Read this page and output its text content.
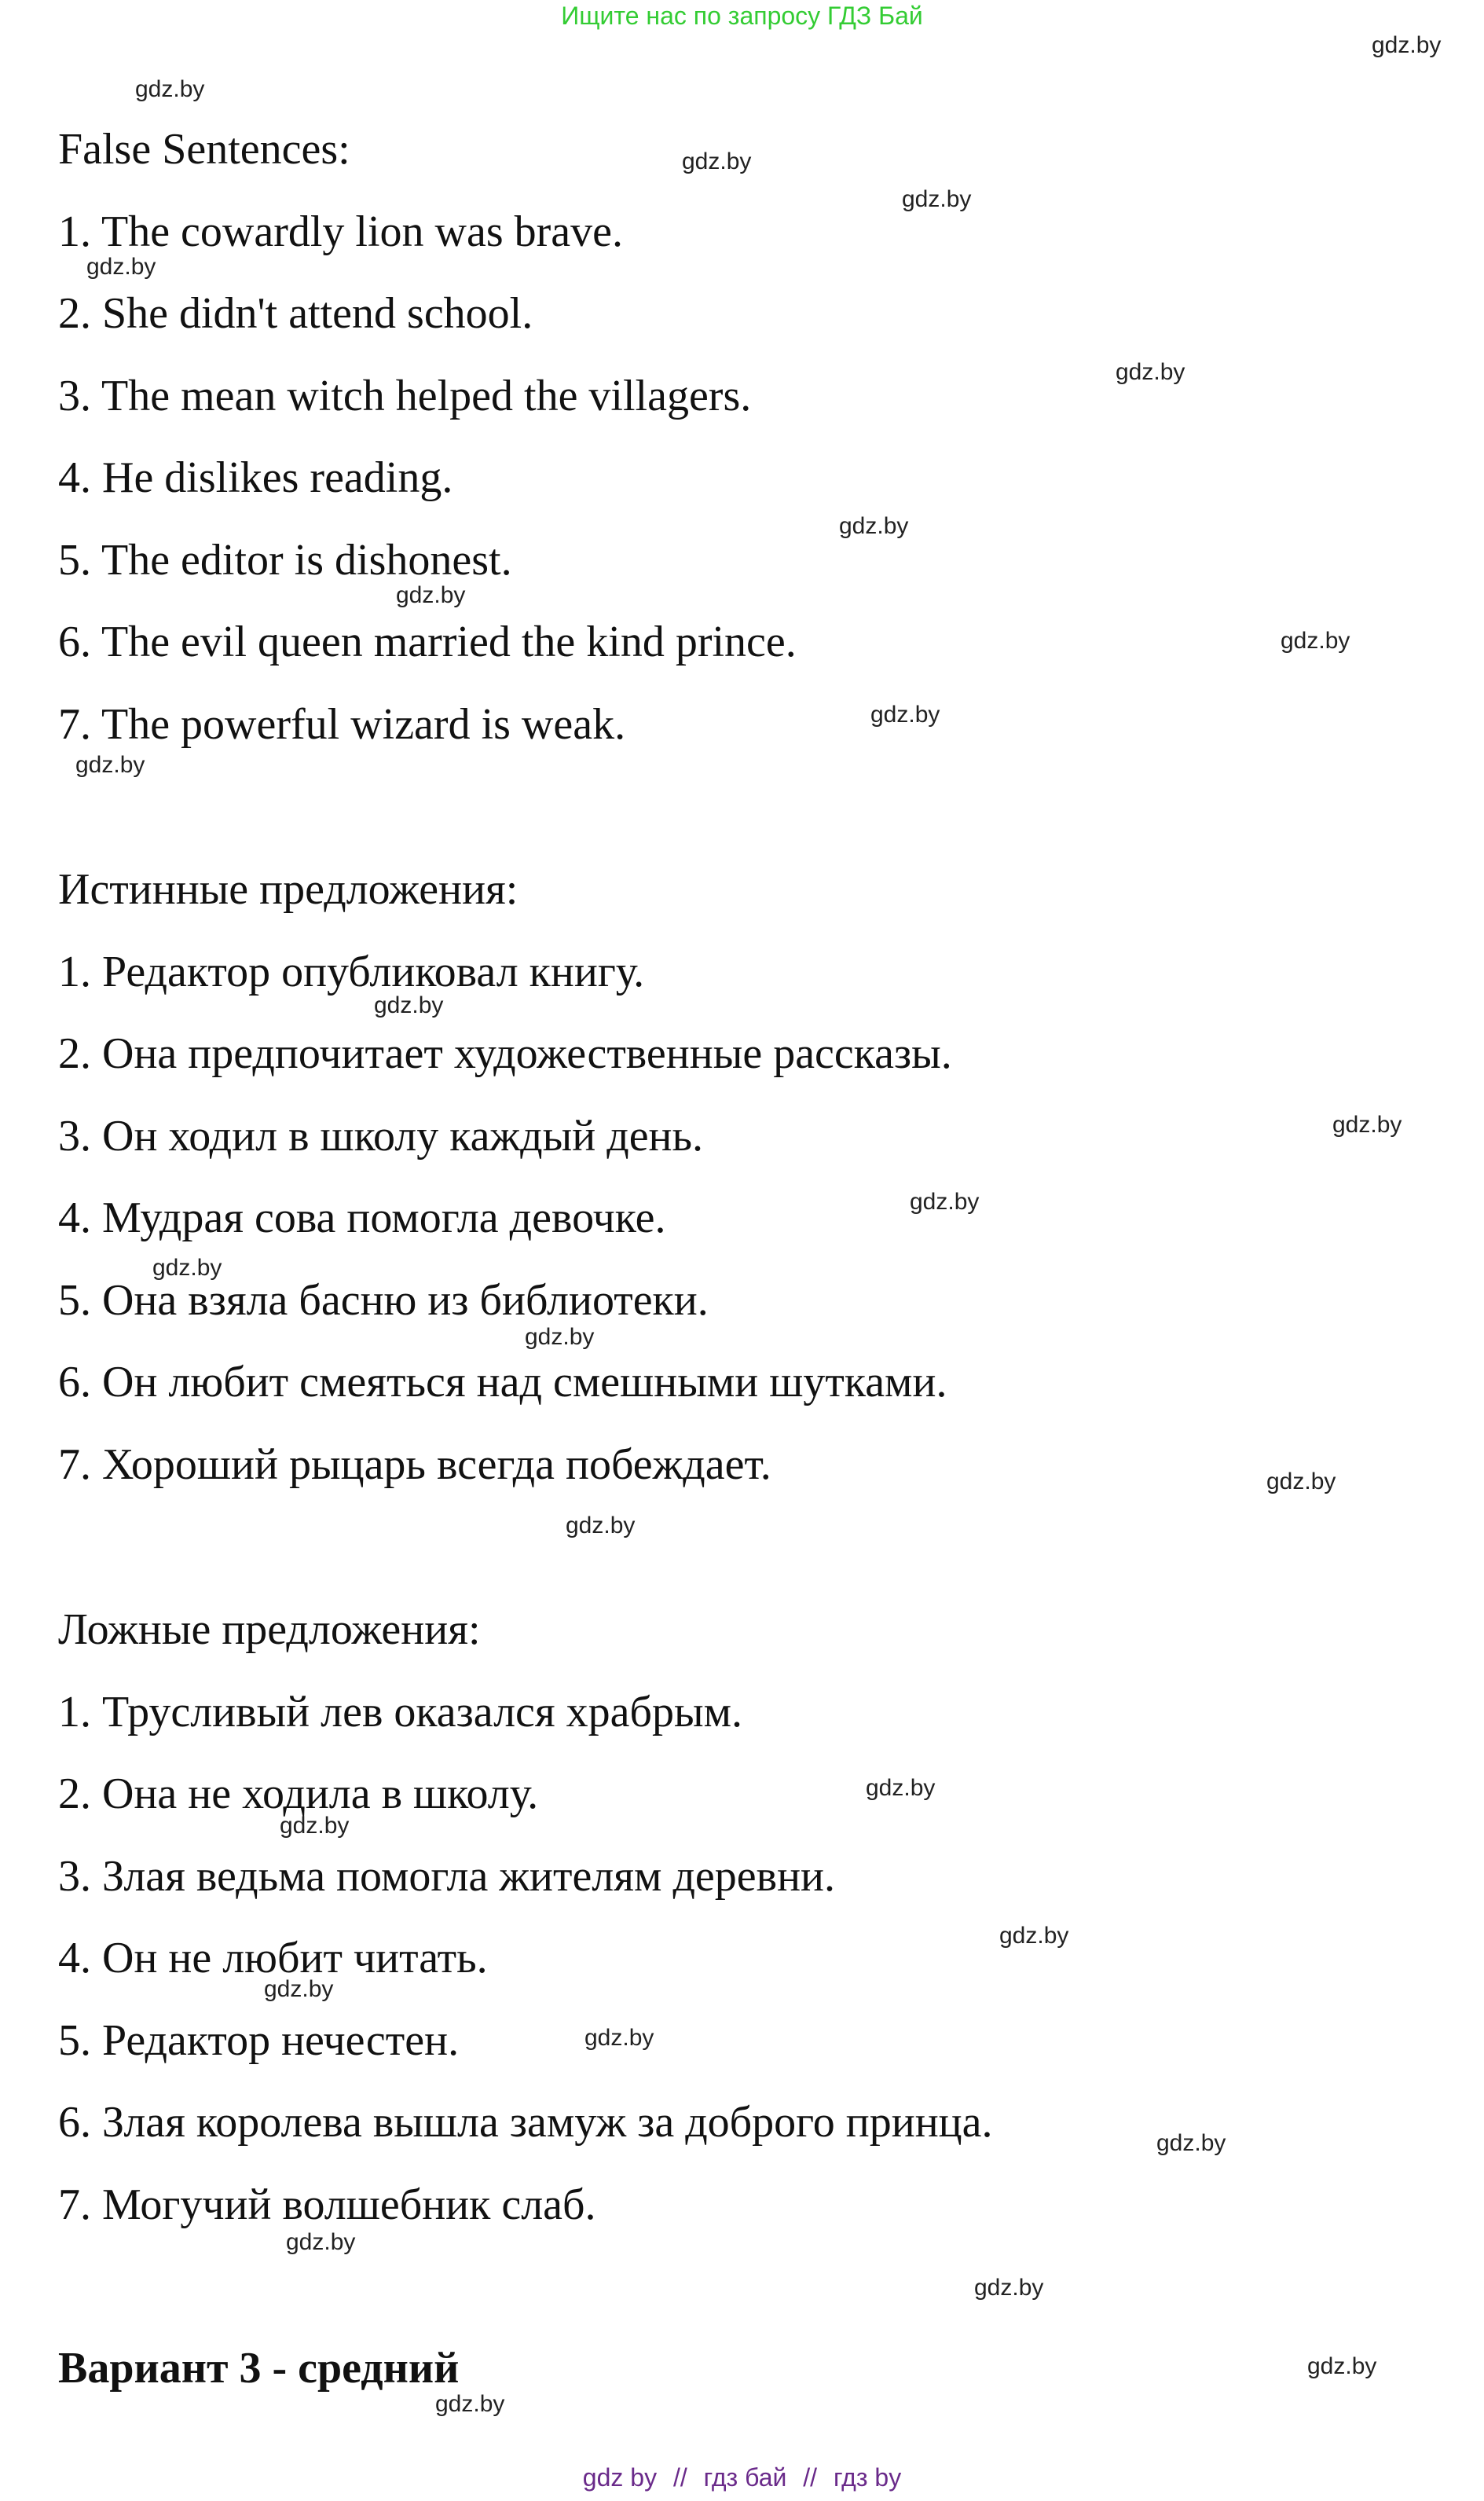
Ищите нас по запросу ГДЗ Бай
False Sentences:
1. The cowardly lion was brave.
2. She didn't attend school.
3. The mean witch helped the villagers.
4. He dislikes reading.
5. The editor is dishonest.
6. The evil queen married the kind prince.
7. The powerful wizard is weak.
Истинные предложения:
1. Редактор опубликовал книгу.
2. Она предпочитает художественные рассказы.
3. Он ходил в школу каждый день.
4. Мудрая сова помогла девочке.
5. Она взяла басню из библиотеки.
6. Он любит смеяться над смешными шутками.
7. Хороший рыцарь всегда побеждает.
Ложные предложения:
1. Трусливый лев оказался храбрым.
2. Она не ходила в школу.
3. Злая ведьма помогла жителям деревни.
4. Он не любит читать.
5. Редактор нечестен.
6. Злая королева вышла замуж за доброго принца.
7. Могучий волшебник слаб.
Вариант 3 - средний
gdz.by
gdz.by
gdz.by
gdz.by
gdz.by
gdz.by
gdz.by
gdz.by
gdz.by
gdz.by
gdz.by
gdz.by
gdz.by
gdz.by
gdz.by
gdz.by
gdz.by
gdz.by
gdz.by
gdz.by
gdz.by
gdz.by
gdz.by
gdz.by
gdz.by
gdz.by
gdz.by
gdz.by
gdz by // гдз бай // гдз by
